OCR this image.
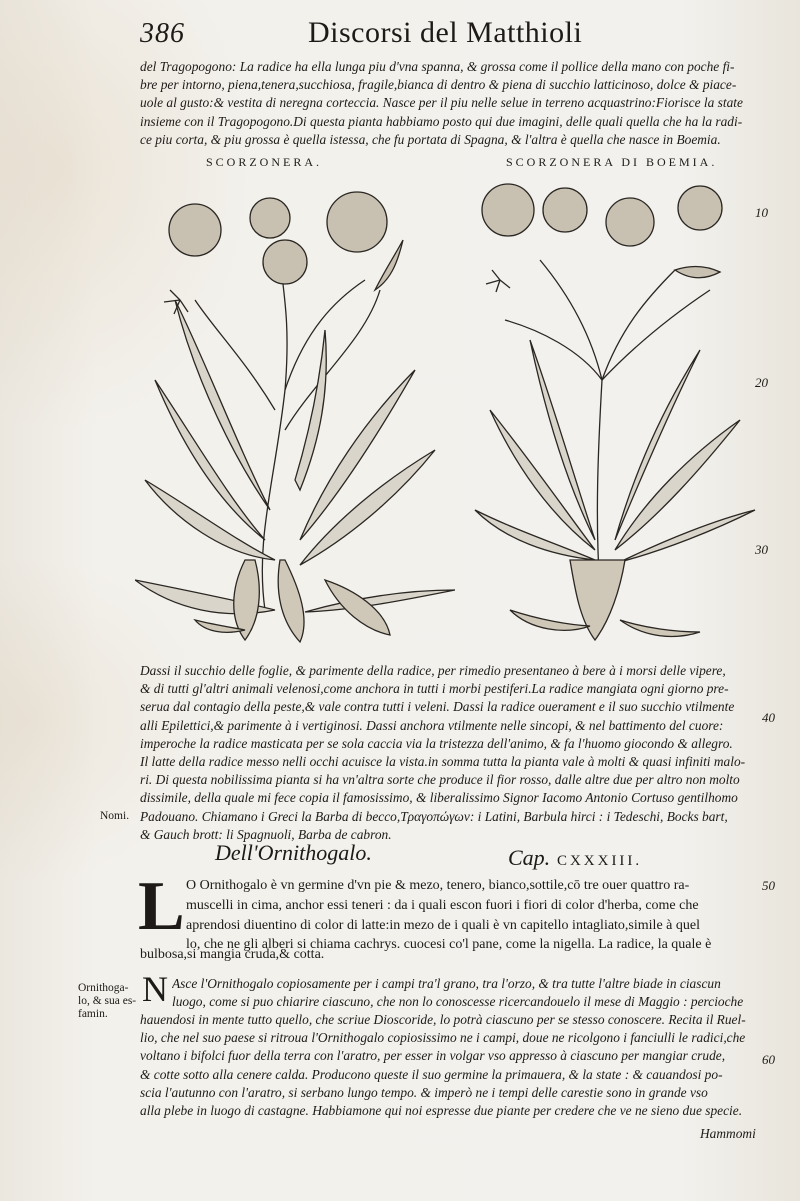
386	Discorsi del Matthioli
del Tragopogono: La radice ha ella lunga piu d'vna spanna, & grossa come il pollice della mano con poche fi-
bre per intorno, piena,tenera,succhiosa, fragile,bianca di dentro & piena di succhio latticinoso, dolce & piace-
uole al gusto:& vestita di neregna corteccia. Nasce per il piu nelle selue in terreno acquastrino:Fiorisce la state
insieme con il Tragopogono.Di questa pianta habbiamo posto qui due imagini, delle quali quella che ha la radi-
ce piu corta, & piu grossa è quella istessa, che fu portata di Spagna, & l'altra è quella che nasce in Boemia.
SCORZONERA.	SCORZONERA DI BOEMIA.
10
20
30
40
50
60
Dassi il succhio delle foglie, & parimente della radice, per rimedio presentaneo à bere à i morsi delle vipere,
& di tutti gl'altri animali velenosi,come anchora in tutti i morbi pestiferi.La radice mangiata ogni giorno pre-
serua dal contagio della peste,& vale contra tutti i veleni. Dassi la radice ouerament e il suo succhio vtilmente
alli Epilettici,& parimente à i vertiginosi. Dassi anchora vtilmente nelle sincopi, & nel battimento del cuore:
imperoche la radice masticata per se sola caccia via la tristezza dell'animo, & fa l'huomo giocondo & allegro.
Il latte della radice messo nelli occhi acuisce la vista.in somma tutta la pianta vale à molti & quasi infiniti malo-
ri. Di questa nobilissima pianta si ha vn'altra sorte che produce il fior rosso, dalle altre due per altro non molto
dissimile, della quale mi fece copia il famosissimo, & liberalissimo Signor Iacomo Antonio Cortuso gentilhomo
Padouano. Chiamano i Greci la Barba di becco,Τραγοπώγων: i Latini, Barbula hirci : i Tedeschi, Bocks bart,
& Gauch brott: li Spagnuoli, Barba de cabron.
Nomi.
Dell'Ornithogalo.	Cap. CXXXIII.
L O Ornithogalo è vn germine d'vn pie & mezo, tenero, bianco,sottile,cō tre ouer quattro ra-
muscelli in cima, anchor essi teneri : da i quali escon fuori i fiori di color d'herba, come che
aprendosi diuentino di color di latte:in mezo de i quali è vn capitello intagliato,simile à quel
lo, che ne gli alberi si chiama cachrys. cuocesi co'l pane, come la nigella. La radice, la quale è
bulbosa,si mangia cruda,& cotta.
Ornithoga-
lo, & sua es-
famin.
N Asce l'Ornithogalo copiosamente per i campi tra'l grano, tra l'orzo, & tra tutte l'altre biade in ciascun
luogo, come si puo chiarire ciascuno, che non lo conoscesse ricercandouelo il mese di Maggio : percioche
hauendosi in mente tutto quello, che scriue Dioscoride, lo potrà ciascuno per se stesso conoscere. Recita il Ruel-
lio, che nel suo paese si ritroua l'Ornithogalo copiosissimo ne i campi, doue ne ricolgono i fanciulli le radici,che
voltano i bifolci fuor della terra con l'aratro, per esser in volgar vso appresso à ciascuno per mangiar crude,
& cotte sotto alla cenere calda. Producono queste il suo germine la primauera, & la state : & cauandosi po-
scia l'autunno con l'aratro, si serbano lungo tempo. & imperò ne i tempi delle carestie sono in grande vso
alla plebe in luogo di castagne. Habbiamone qui noi espresse due piante per credere che ve ne sieno due specie.
Hammomi
